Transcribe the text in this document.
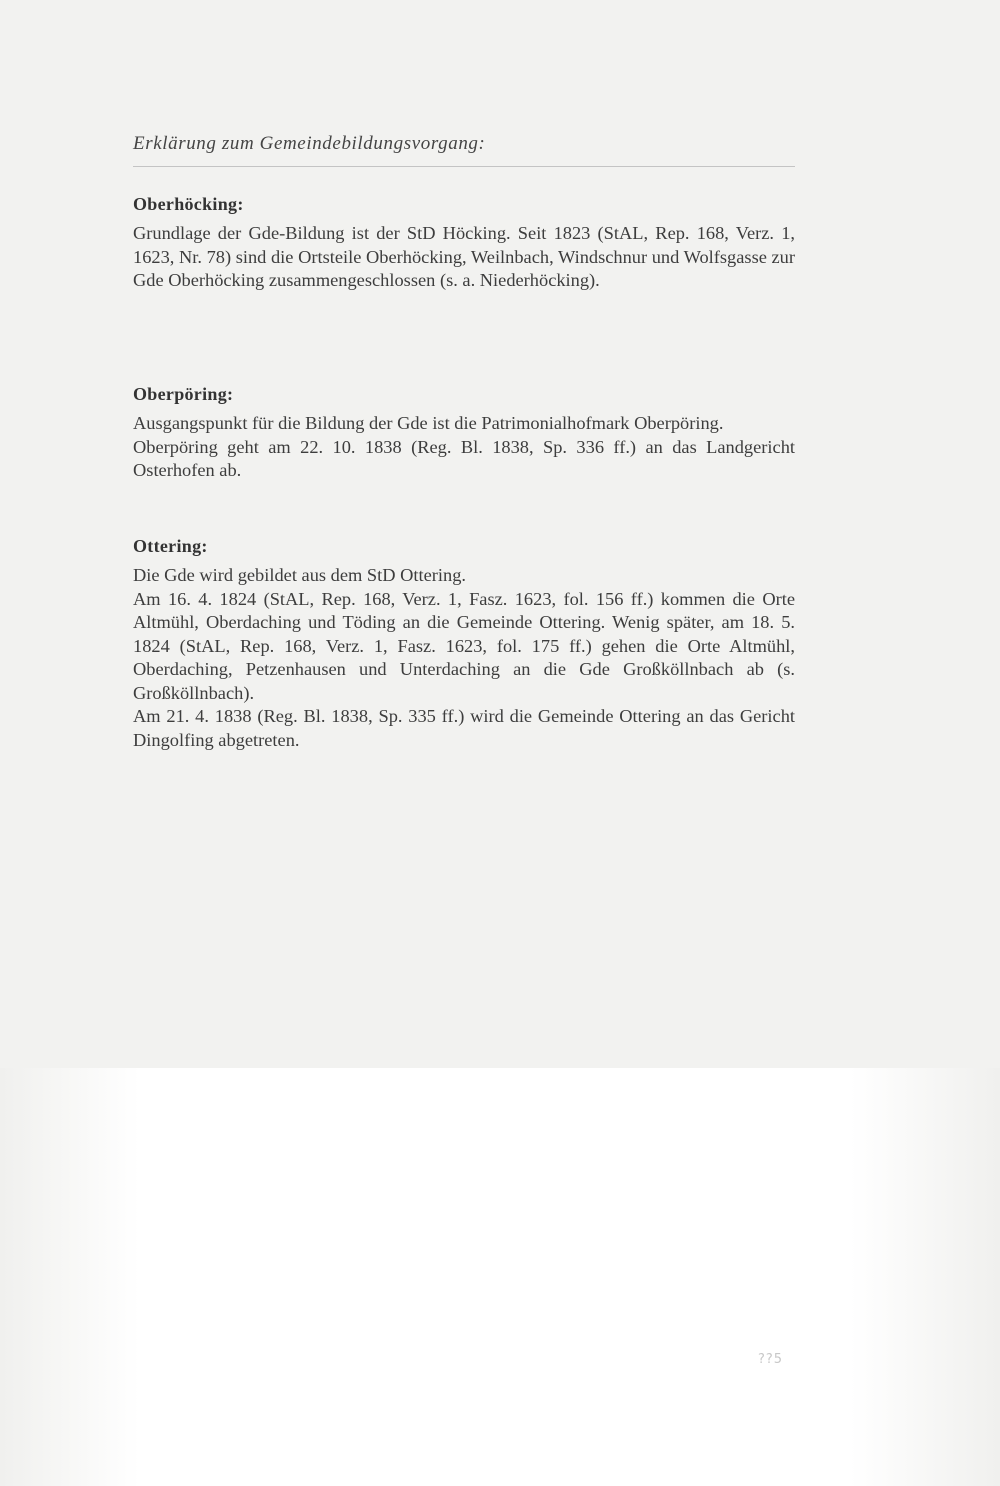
Erklärung zum Gemeindebildungsvorgang:
Oberhöcking:

Grundlage der Gde-Bildung ist der StD Höcking. Seit 1823 (StAL, Rep. 168, Verz. 1, 1623, Nr. 78) sind die Ortsteile Oberhöcking, Weilnbach, Windschnur und Wolfsgasse zur Gde Oberhöcking zusammengeschlossen (s. a. Niederhöcking).

Oberpöring:

Ausgangspunkt für die Bildung der Gde ist die Patrimonialhofmark Oberpöring.

Oberpöring geht am 22. 10. 1838 (Reg. Bl. 1838, Sp. 336 ff.) an das Landgericht Osterhofen ab.

Ottering:

Die Gde wird gebildet aus dem StD Ottering.

Am 16. 4. 1824 (StAL, Rep. 168, Verz. 1, Fasz. 1623, fol. 156 ff.) kommen die Orte Altmühl, Oberdaching und Töding an die Gemeinde Ottering. Wenig später, am 18. 5. 1824 (StAL, Rep. 168, Verz. 1, Fasz. 1623, fol. 175 ff.) gehen die Orte Altmühl, Oberdaching, Petzenhausen und Unterdaching an die Gde Großköllnbach ab (s. Großköllnbach).

Am 21. 4. 1838 (Reg. Bl. 1838, Sp. 335 ff.) wird die Gemeinde Ottering an das Gericht Dingolfing abgetreten.

??5
